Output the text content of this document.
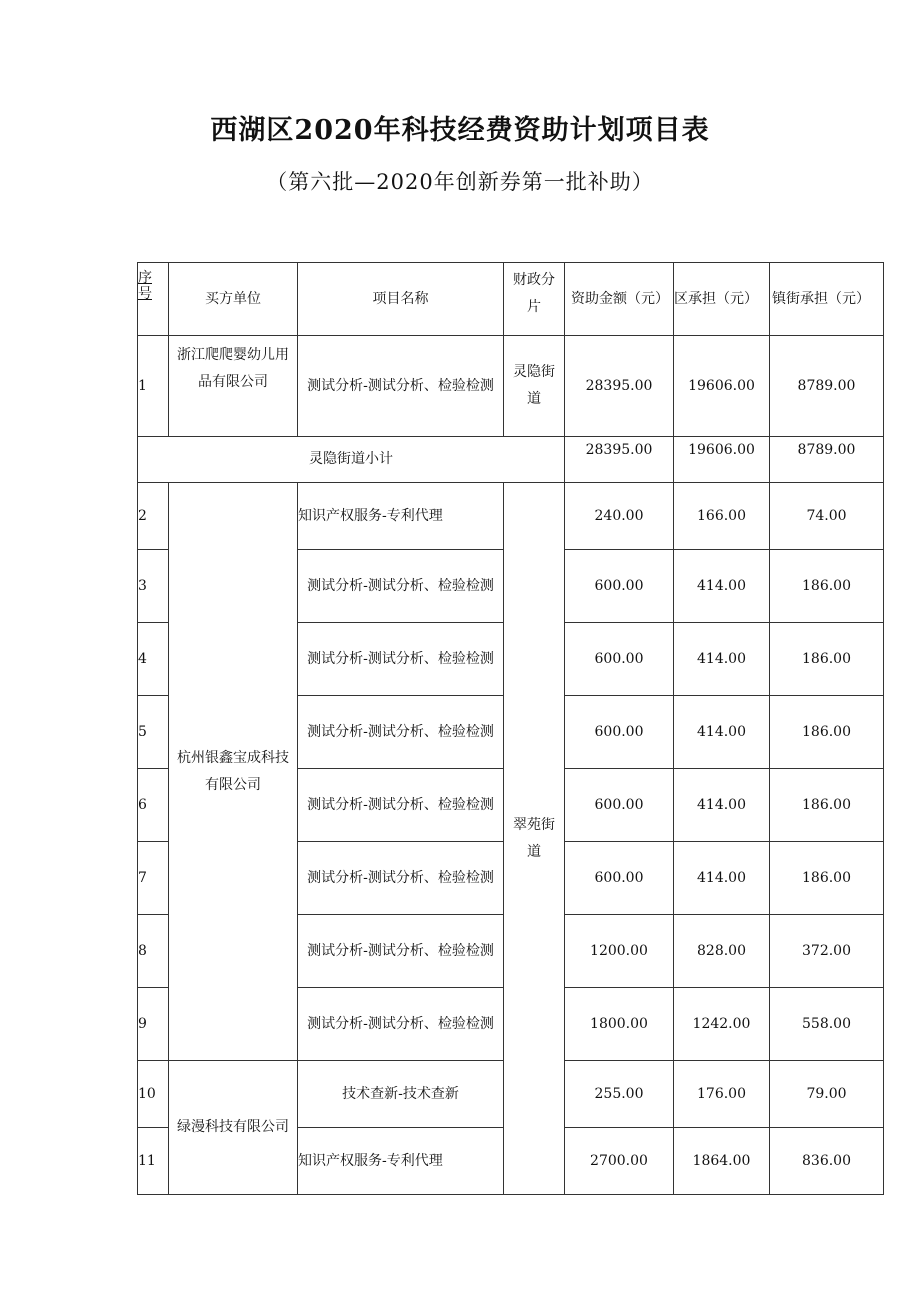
西湖区2020年科技经费资助计划项目表
（第六批—2020年创新券第一批补助）
序
号	买方单位	项目名称	财政分片	资助金额（元）	区承担（元）	镇街承担（元）
1	浙江爬爬婴幼儿用品有限公司	测试分析-测试分析、检验检测	灵隐街道	28395.00	19606.00	8789.00
灵隐街道小计				28395.00	19606.00	8789.00
2	杭州银鑫宝成科技有限公司	知识产权服务-专利代理	翠苑街道	240.00	166.00	74.00
3		测试分析-测试分析、检验检测		600.00	414.00	186.00
4		测试分析-测试分析、检验检测		600.00	414.00	186.00
5		测试分析-测试分析、检验检测		600.00	414.00	186.00
6		测试分析-测试分析、检验检测		600.00	414.00	186.00
7		测试分析-测试分析、检验检测		600.00	414.00	186.00
8		测试分析-测试分析、检验检测		1200.00	828.00	372.00
9		测试分析-测试分析、检验检测		1800.00	1242.00	558.00
10	绿漫科技有限公司	技术查新-技术查新		255.00	176.00	79.00
11		知识产权服务-专利代理		2700.00	1864.00	836.00
